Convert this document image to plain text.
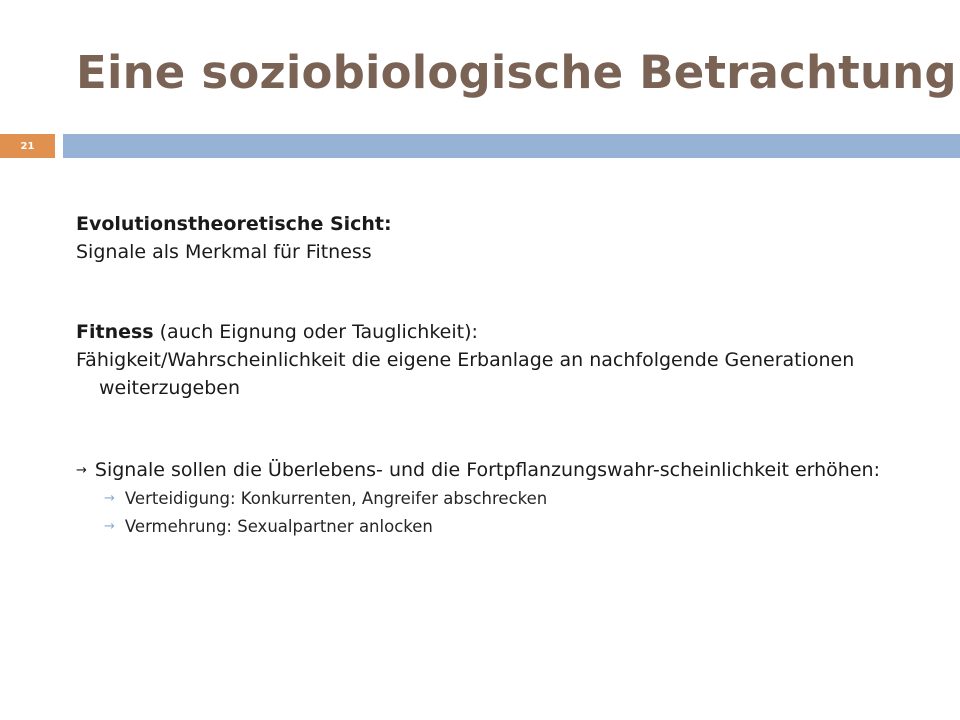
Eine soziobiologische Betrachtung
21

Evolutionstheoretische Sicht:

Signale als Merkmal für Fitness

Fitness (auch Eignung oder Tauglichkeit):

Fähigkeit/Wahrscheinlichkeit die eigene Erbanlage an nachfolgende Generationen weiterzugeben

→ Signale sollen die Überlebens- und die Fortpflanzungswahr-scheinlichkeit erhöhen:

→ Verteidigung: Konkurrenten, Angreifer abschrecken

→ Vermehrung: Sexualpartner anlocken
